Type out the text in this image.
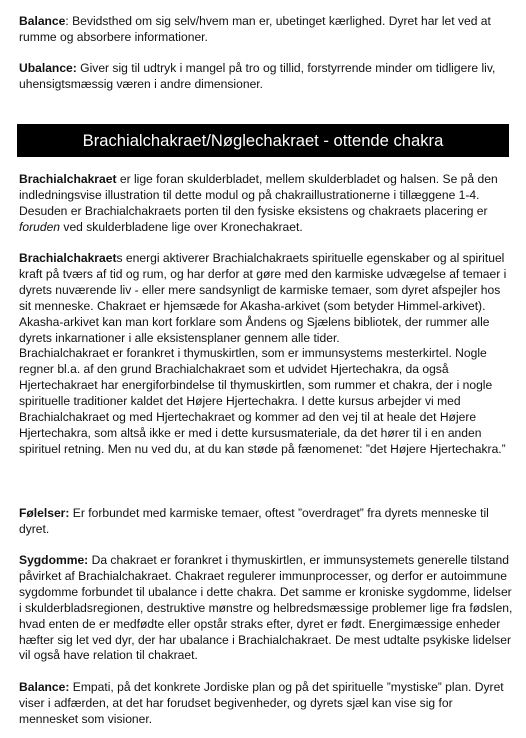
Balance: Bevidsthed om sig selv/hvem man er, ubetinget kærlighed. Dyret har let ved at rumme og absorbere informationer.

Ubalance: Giver sig til udtryk i mangel på tro og tillid, forstyrrende minder om tidligere liv, uhensigtsmæssig væren i andre dimensioner.

Brachialchakraet/Nøglechakraet - ottende chakra

Brachialchakraet er lige foran skulderbladet, mellem skulderbladet og halsen. Se på den indledningsvise illustration til dette modul og på chakraillustrationerne i tillæggene 1-4. Desuden er Brachialchakraets porten til den fysiske eksistens og chakraets placering er foruden ved skulderbladene lige over Kronechakraet.

Brachialchakraets energi aktiverer Brachialchakraets spirituelle egenskaber og al spirituel kraft på tværs af tid og rum, og har derfor at gøre med den karmiske udvægelse af temaer i dyrets nuværende liv - eller mere sandsynligt de karmiske temaer, som dyret afspejler hos sit menneske. Chakraet er hjemsæde for Akasha-arkivet (som betyder Himmel-arkivet). Akasha-arkivet kan man kort forklare som Åndens og Sjælens bibliotek, der rummer alle dyrets inkarnationer i alle eksistensplaner gennem alle tider.

Brachialchakraet er forankret i thymuskirtlen, som er immunsystems mesterkirtel. Nogle regner bl.a. af den grund Brachialchakraet som et udvidet Hjertechakra, da også Hjertechakraet har energiforbindelse til thymuskirtlen, som rummer et chakra, der i nogle spirituelle traditioner kaldet det Højere Hjertechakra. I dette kursus arbejder vi med Brachialchakraet og med Hjertechakraet og kommer ad den vej til at heale det Højere Hjertechakra, som altså ikke er med i dette kursusmateriale, da det hører til i en anden spirituel retning. Men nu ved du, at du kan støde på fænomenet: ”det Højere Hjertechakra.”

Følelser: Er forbundet med karmiske temaer, oftest ”overdraget” fra dyrets menneske til dyret.

Sygdomme: Da chakraet er forankret i thymuskirtlen, er immunsystemets generelle tilstand påvirket af Brachialchakraet. Chakraet regulerer immunprocesser, og derfor er autoimmune sygdomme forbundet til ubalance i dette chakra. Det samme er kroniske sygdomme, lidelser i skulderbladsregionen, destruktive mønstre og helbredsmæssige problemer lige fra fødslen, hvad enten de er medfødte eller opstår straks efter, dyret er født. Energimæssige enheder hæfter sig let ved dyr, der har ubalance i Brachialchakraet. De mest udtalte psykiske lidelser vil også have relation til chakraet.

Balance: Empati, på det konkrete Jordiske plan og på det spirituelle ”mystiske” plan. Dyret viser i adfærden, at det har forudset begivenheder, og dyrets sjæl kan vise sig for mennesket som visioner.
